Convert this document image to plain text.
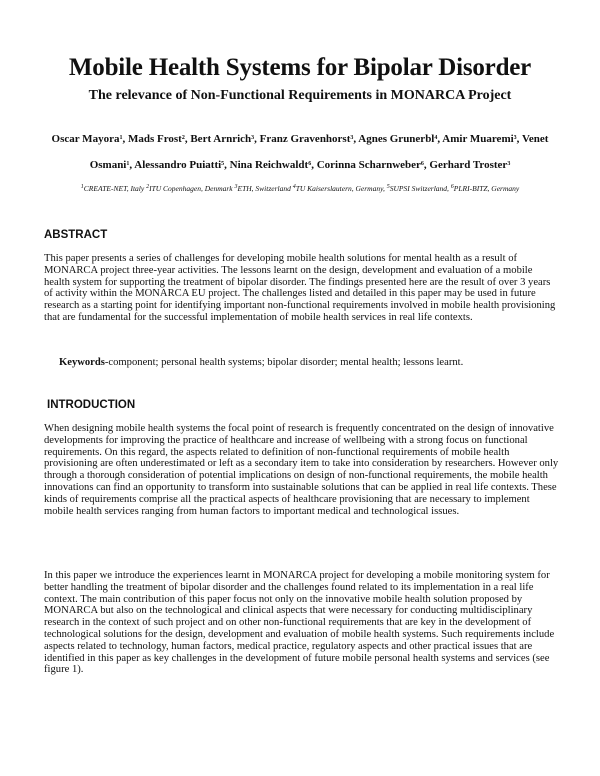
Mobile Health Systems for Bipolar Disorder
The relevance of Non-Functional Requirements in MONARCA Project
Oscar Mayora$^1$, Mads Frost$^2$, Bert Arnrich$^3$, Franz Gravenhorst$^3$, Agnes Grunerbl$^4$, Amir Muaremi$^3$, Venet Osmani$^1$, Alessandro Puiatti$^5$, Nina Reichwaldt$^6$, Corinna Scharnweber$^6$, Gerhard Troster$^3$
$^1$CREATE-NET, Italy $^2$ITU Copenhagen, Denmark $^3$ETH, Switzerland $^4$TU Kaiserslautern, Germany, $^5$SUPSI Switzerland, $^6$PLRI-BITZ, Germany
ABSTRACT
This paper presents a series of challenges for developing mobile health solutions for mental health as a result of MONARCA project three-year activities. The lessons learnt on the design, development and evaluation of a mobile health system for supporting the treatment of bipolar disorder. The findings presented here are the result of over 3 years of activity within the MONARCA EU project. The challenges listed and detailed in this paper may be used in future research as a starting point for identifying important non-functional requirements involved in mobile health provisioning that are fundamental for the successful implementation of mobile health services in real life contexts.
Keywords-component; personal health systems; bipolar disorder; mental health; lessons learnt.
INTRODUCTION
When designing mobile health systems the focal point of research is frequently concentrated on the design of innovative developments for improving the practice of healthcare and increase of wellbeing with a strong focus on functional requirements. On this regard, the aspects related to definition of non-functional requirements of mobile health provisioning are often underestimated or left as a secondary item to take into consideration by researchers. However only through a thorough consideration of potential implications on design of non-functional requirements, the mobile health innovations can find an opportunity to transform into sustainable solutions that can be applied in real life contexts. These kinds of requirements comprise all the practical aspects of healthcare provisioning that are necessary to implement mobile health services ranging from human factors to important medical and technological issues.
In this paper we introduce the experiences learnt in MONARCA project for developing a mobile monitoring system for better handling the treatment of bipolar disorder and the challenges found related to its implementation in a real life context. The main contribution of this paper focus not only on the innovative mobile health solution proposed by MONARCA but also on the technological and clinical aspects that were necessary for conducting multidisciplinary research in the context of such project and on other non-functional requirements that are key in the development of technological solutions for the design, development and evaluation of mobile health systems. Such requirements include aspects related to technology, human factors, medical practice, regulatory aspects and other practical issues that are identified in this paper as key challenges in the development of future mobile personal health systems and services (see figure 1).
